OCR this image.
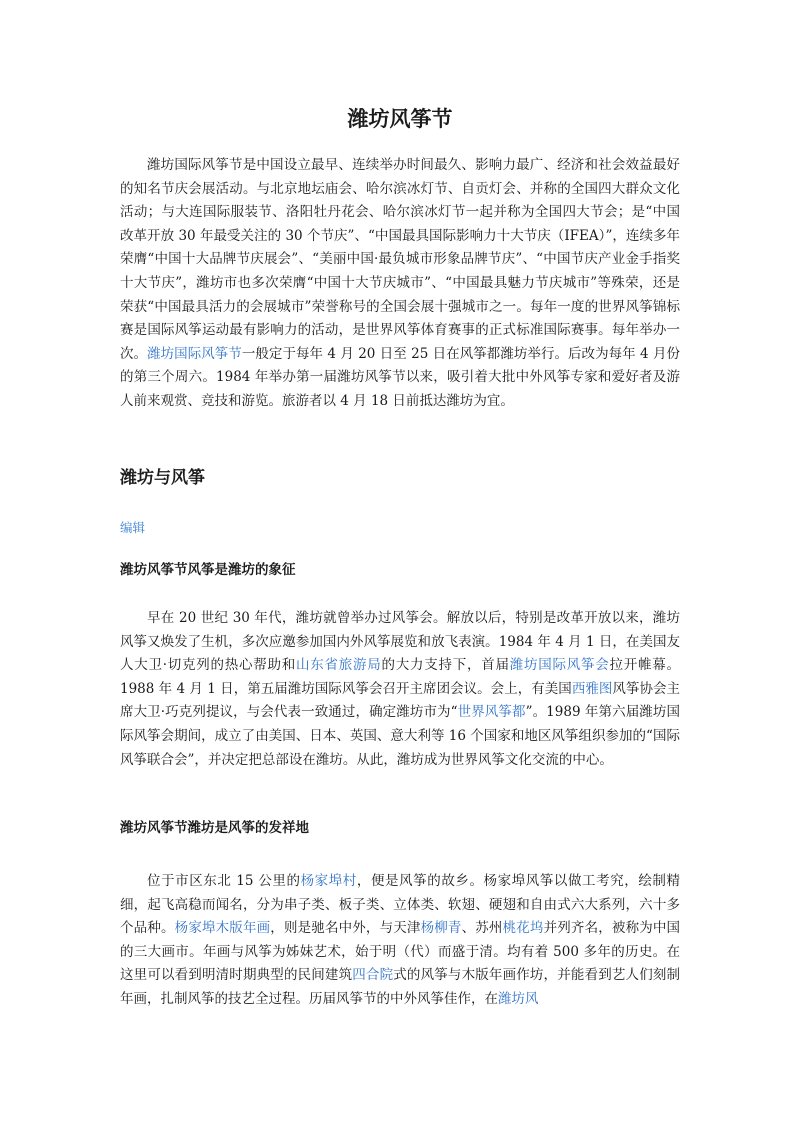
潍坊风筝节

潍坊国际风筝节是中国设立最早、连续举办时间最久、影响力最广、经济和社会效益最好的知名节庆会展活动。与北京地坛庙会、哈尔滨冰灯节、自贡灯会、并称的全国四大群众文化活动；与大连国际服装节、洛阳牡丹花会、哈尔滨冰灯节一起并称为全国四大节会；是“中国改革开放 30 年最受关注的 30 个节庆”、“中国最具国际影响力十大节庆（IFEA）”，连续多年荣膺“中国十大品牌节庆展会”、“美丽中国·最负城市形象品牌节庆”、“中国节庆产业金手指奖十大节庆”，潍坊市也多次荣膺“中国十大节庆城市”、“中国最具魅力节庆城市”等殊荣，还是荣获“中国最具活力的会展城市”荣誉称号的全国会展十强城市之一。每年一度的世界风筝锦标赛是国际风筝运动最有影响力的活动，是世界风筝体育赛事的正式标准国际赛事。每年举办一次。潍坊国际风筝节一般定于每年 4 月 20 日至 25 日在风筝都潍坊举行。后改为每年 4 月份的第三个周六。1984 年举办第一届潍坊风筝节以来，吸引着大批中外风筝专家和爱好者及游人前来观赏、竞技和游览。旅游者以 4 月 18 日前抵达潍坊为宜。

潍坊与风筝
编辑
潍坊风筝节风筝是潍坊的象征

早在 20 世纪 30 年代，潍坊就曾举办过风筝会。解放以后，特别是改革开放以来，潍坊风筝又焕发了生机，多次应邀参加国内外风筝展览和放飞表演。1984 年 4 月 1 日，在美国友人大卫·切克列的热心帮助和山东省旅游局的大力支持下，首届潍坊国际风筝会拉开帷幕。1988 年 4 月 1 日，第五届潍坊国际风筝会召开主席团会议。会上，有美国西雅图风筝协会主席大卫·巧克列提议，与会代表一致通过，确定潍坊市为“世界风筝都”。1989 年第六届潍坊国际风筝会期间，成立了由美国、日本、英国、意大利等 16 个国家和地区风筝组织参加的“国际风筝联合会”，并决定把总部设在潍坊。从此，潍坊成为世界风筝文化交流的中心。

潍坊风筝节潍坊是风筝的发祥地

位于市区东北 15 公里的杨家埠村，便是风筝的故乡。杨家埠风筝以做工考究，绘制精细，起飞高稳而闻名，分为串子类、板子类、立体类、软翅、硬翅和自由式六大系列，六十多个品种。杨家埠木版年画，则是驰名中外，与天津杨柳青、苏州桃花坞并列齐名，被称为中国的三大画市。年画与风筝为姊妹艺术，始于明（代）而盛于清。均有着 500 多年的历史。在这里可以看到明清时期典型的民间建筑四合院式的风筝与木版年画作坊，并能看到艺人们刻制年画，扎制风筝的技艺全过程。历届风筝节的中外风筝佳作，在潍坊风
